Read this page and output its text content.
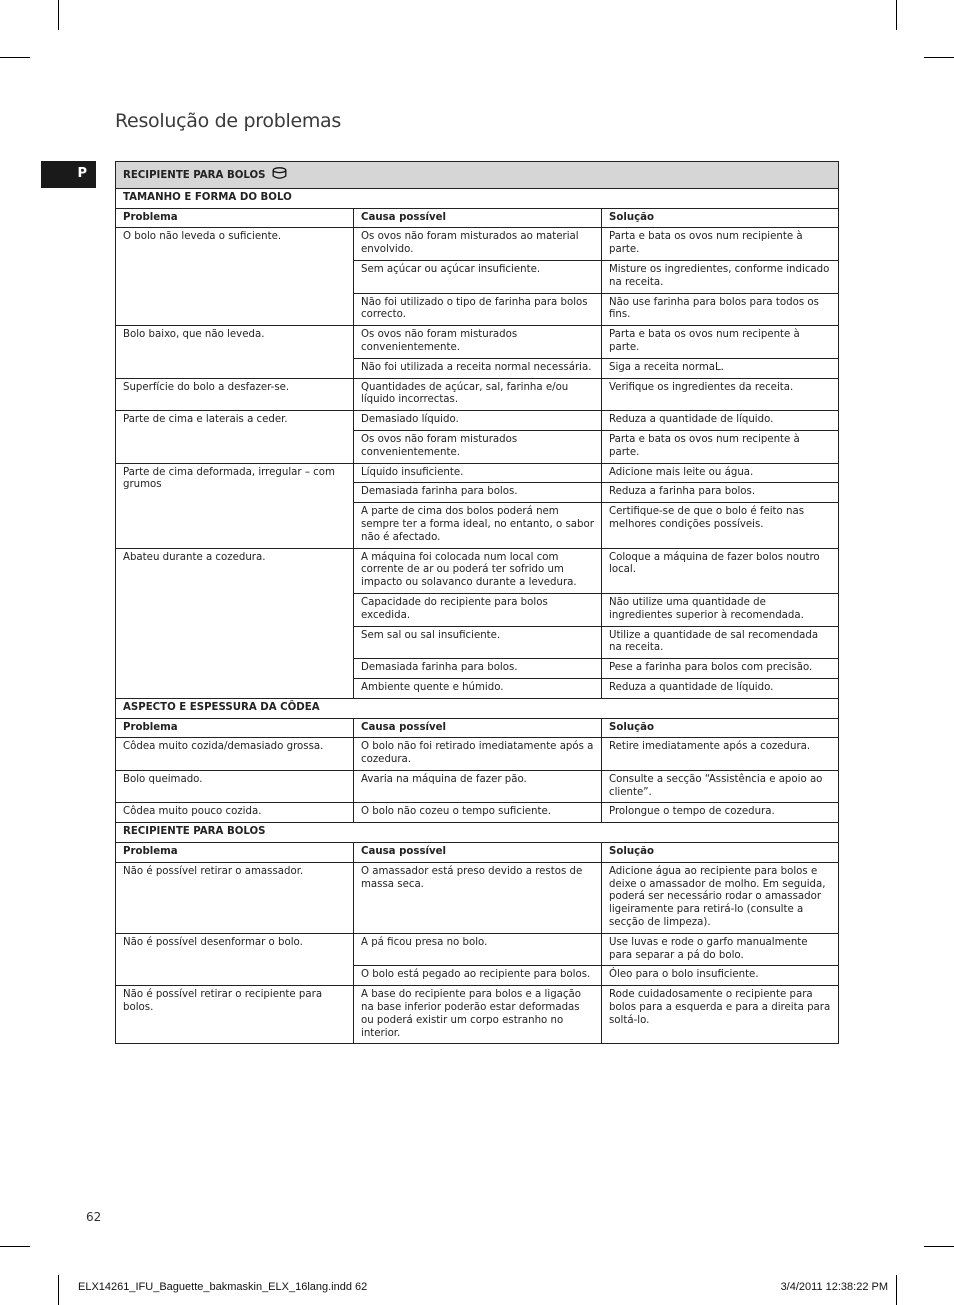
Resolução de problemas
P	RECIPIENTE PARA BOLOS		
TAMANHO E FORMA DO BOLO		
Problema	Causa possível	Solução
O bolo não leveda o suficiente.	Os ovos não foram misturados ao material envolvido.	Parta e bata os ovos num recipiente à parte.
	Sem açúcar ou açúcar insuficiente.	Misture os ingredientes, conforme indicado na receita.
	Não foi utilizado o tipo de farinha para bolos correcto.	Não use farinha para bolos para todos os fins.
Bolo baixo, que não leveda.	Os ovos não foram misturados convenientemente.	Parta e bata os ovos num recipente à parte.
	Não foi utilizada a receita normal necessária.	Siga a receita normaL.
Superfície do bolo a desfazer-se.	Quantidades de açúcar, sal, farinha e/ou líquido incorrectas.	Verifique os ingredientes da receita.
Parte de cima e laterais a ceder.	Demasiado líquido.	Reduza a quantidade de líquido.
	Os ovos não foram misturados convenientemente.	Parta e bata os ovos num recipente à parte.
Parte de cima deformada, irregular – com grumos	Líquido insuficiente.	Adicione mais leite ou água.
	Demasiada farinha para bolos.	Reduza a farinha para bolos.
	A parte de cima dos bolos poderá nem sempre ter a forma ideal, no entanto, o sabor não é afectado.	Certifique-se de que o bolo é feito nas melhores condições possíveis.
Abateu durante a cozedura.	A máquina foi colocada num local com corrente de ar ou poderá ter sofrido um impacto ou solavanco durante a levedura.	Coloque a máquina de fazer bolos noutro local.
	Capacidade do recipiente para bolos excedida.	Não utilize uma quantidade de ingredientes superior à recomendada.
	Sem sal ou sal insuficiente.	Utilize a quantidade de sal recomendada na receita.
	Demasiada farinha para bolos.	Pese a farinha para bolos com precisão.
	Ambiente quente e húmido.	Reduza a quantidade de líquido.
ASPECTO E ESPESSURA DA CÔDEA		
Problema	Causa possível	Solução
Côdea muito cozida/demasiado grossa.	O bolo não foi retirado imediatamente após a cozedura.	Retire imediatamente após a cozedura.
Bolo queimado.	Avaria na máquina de fazer pão.	Consulte a secção “Assistência e apoio ao cliente”.
Côdea muito pouco cozida.	O bolo não cozeu o tempo suficiente.	Prolongue o tempo de cozedura.
RECIPIENTE PARA BOLOS		
Problema	Causa possível	Solução
Não é possível retirar o amassador.	O amassador está preso devido a restos de massa seca.	Adicione água ao recipiente para bolos e deixe o amassador de molho. Em seguida, poderá ser necessário rodar o amassador ligeiramente para retirá-lo (consulte a secção de limpeza).
Não é possível desenformar o bolo.	A pá ficou presa no bolo.	Use luvas e rode o garfo manualmente para separar a pá do bolo.
	O bolo está pegado ao recipiente para bolos.	Óleo para o bolo insuficiente.
Não é possível retirar o recipiente para bolos.	A base do recipiente para bolos e a ligação na base inferior poderão estar deformadas ou poderá existir um corpo estranho no interior.	Rode cuidadosamente o recipiente para bolos para a esquerda e para a direita para soltá-lo.
62
ELX14261_IFU_Baguette_bakmaskin_ELX_16lang.indd 62	3/4/2011 12:38:22 PM
